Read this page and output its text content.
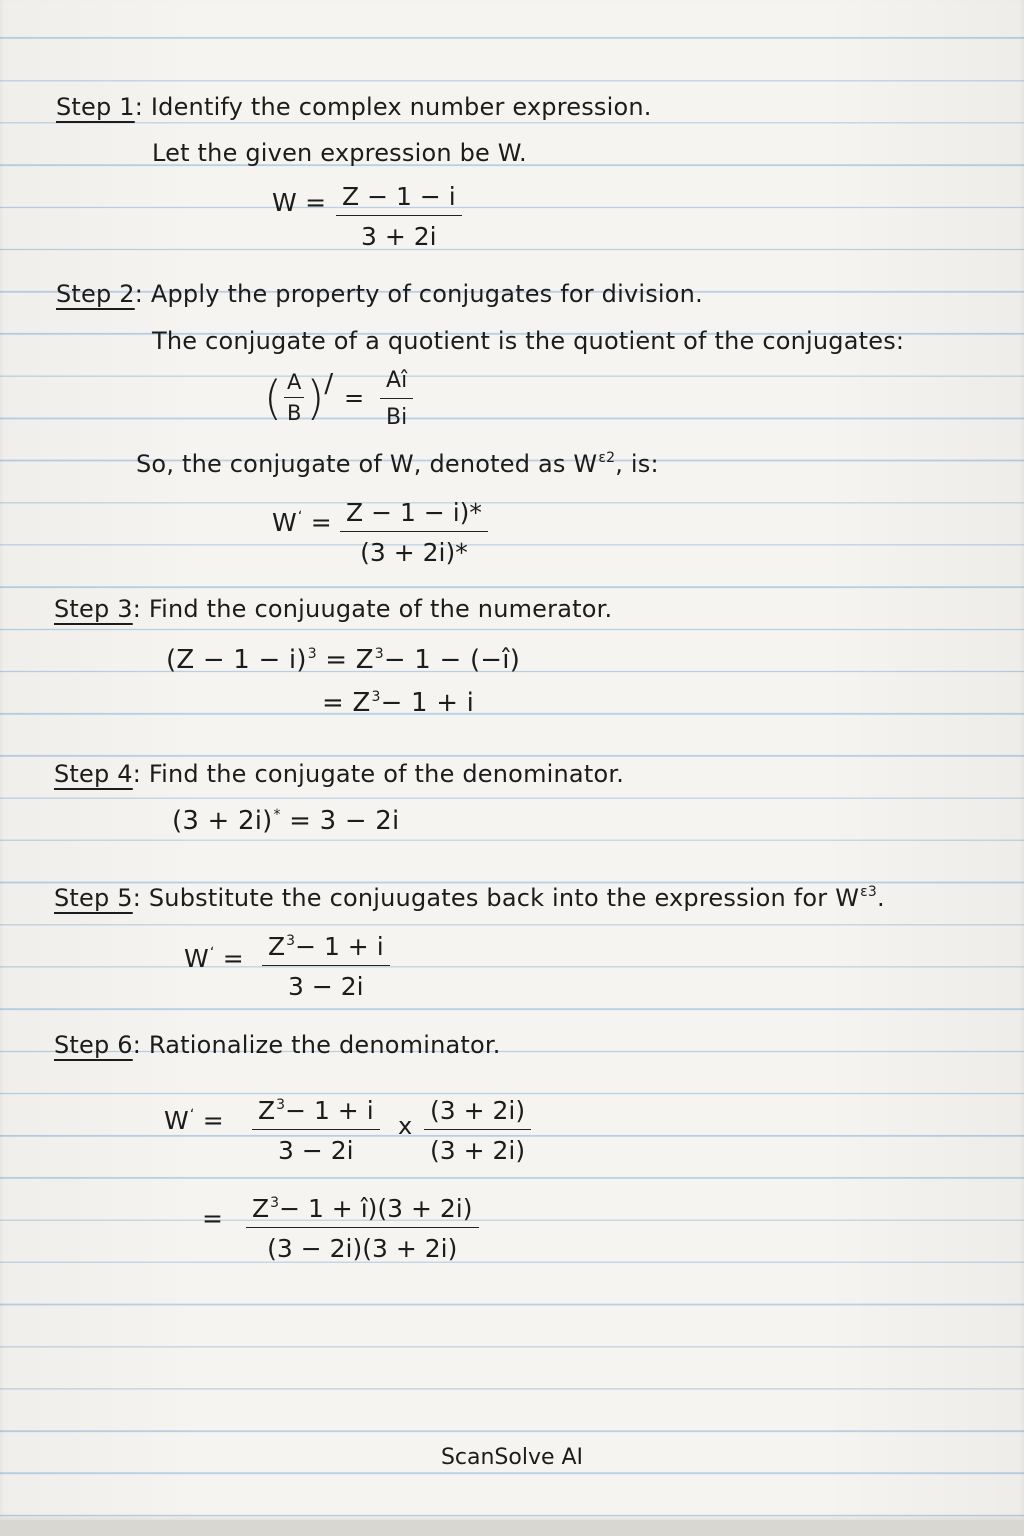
Step 1: Identify the complex number expression.
Let the given expression be W.
$W = \frac{Z - 1 - i}{3 + 2i}$
Step 2: Apply the property of conjugates for division.
The conjugate of a quotient is the quotient of the conjugates:
( $\frac{A}{B}$ ) / = $\frac{Aî}{Bi}$
So, the conjugate of W, denoted as $W^{\varepsilon 2}$, is:
$W^ʻ = \frac{Z - 1 - i)*}{(3 + 2i)*}$
Step 3: Find the conjuugate of the numerator.
$(Z - 1 - i)^3 = Z^3- 1$ − (−î)
= $Z^3- 1 + i$
Step 4: Find the conjugate of the denominator.
(3 + 2i)* = 3 − 2i
Step 5: Substitute the conjuugates back into the expression for $W^{\varepsilon 3}$.
$W^ʻ = \frac{Z^3- 1 + i}{3 - 2i}$
Step 6: Rationalize the denominator.
$W^ʻ = \frac{Z^3- 1 + i}{3 - 2i}$ x $\frac{(3 + 2i)}{(3 + 2i)}$
= $\frac{Z^3- 1 + î)(3 + 2i)}{(3 - 2i)(3 + 2i)}$
ScanSolve AI
